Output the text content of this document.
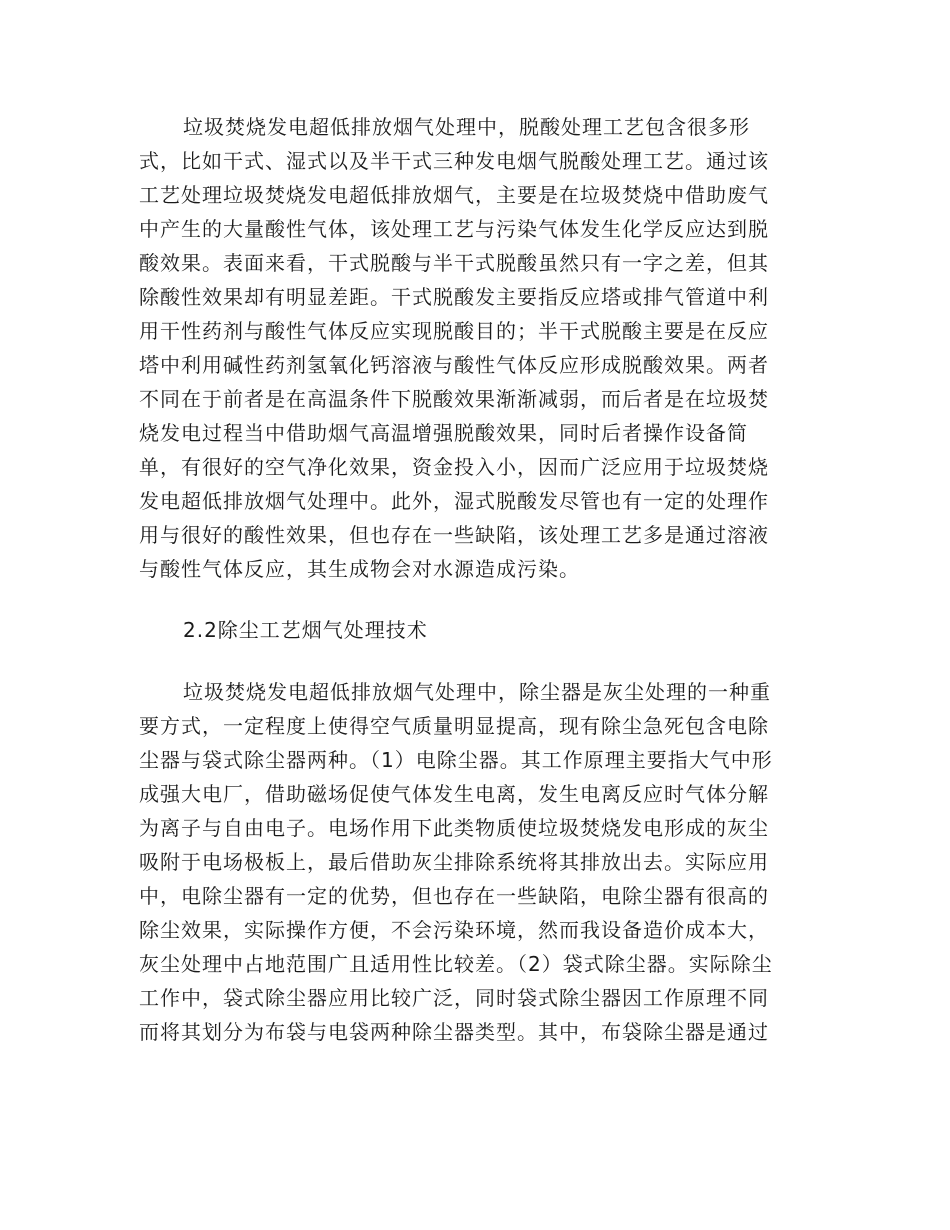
垃圾焚烧发电超低排放烟气处理中，脱酸处理工艺包含很多形
式，比如干式、湿式以及半干式三种发电烟气脱酸处理工艺。通过该
工艺处理垃圾焚烧发电超低排放烟气，主要是在垃圾焚烧中借助废气
中产生的大量酸性气体，该处理工艺与污染气体发生化学反应达到脱
酸效果。表面来看，干式脱酸与半干式脱酸虽然只有一字之差，但其
除酸性效果却有明显差距。干式脱酸发主要指反应塔或排气管道中利
用干性药剂与酸性气体反应实现脱酸目的；半干式脱酸主要是在反应
塔中利用碱性药剂氢氧化钙溶液与酸性气体反应形成脱酸效果。两者
不同在于前者是在高温条件下脱酸效果渐渐减弱，而后者是在垃圾焚
烧发电过程当中借助烟气高温增强脱酸效果，同时后者操作设备简
单，有很好的空气净化效果，资金投入小，因而广泛应用于垃圾焚烧
发电超低排放烟气处理中。此外，湿式脱酸发尽管也有一定的处理作
用与很好的酸性效果，但也存在一些缺陷，该处理工艺多是通过溶液
与酸性气体反应，其生成物会对水源造成污染。
2.2除尘工艺烟气处理技术
垃圾焚烧发电超低排放烟气处理中，除尘器是灰尘处理的一种重
要方式，一定程度上使得空气质量明显提高，现有除尘急死包含电除
尘器与袋式除尘器两种。（1）电除尘器。其工作原理主要指大气中形
成强大电厂，借助磁场促使气体发生电离，发生电离反应时气体分解
为离子与自由电子。电场作用下此类物质使垃圾焚烧发电形成的灰尘
吸附于电场极板上，最后借助灰尘排除系统将其排放出去。实际应用
中，电除尘器有一定的优势，但也存在一些缺陷，电除尘器有很高的
除尘效果，实际操作方便，不会污染环境，然而我设备造价成本大，
灰尘处理中占地范围广且适用性比较差。（2）袋式除尘器。实际除尘
工作中，袋式除尘器应用比较广泛，同时袋式除尘器因工作原理不同
而将其划分为布袋与电袋两种除尘器类型。其中，布袋除尘器是通过
